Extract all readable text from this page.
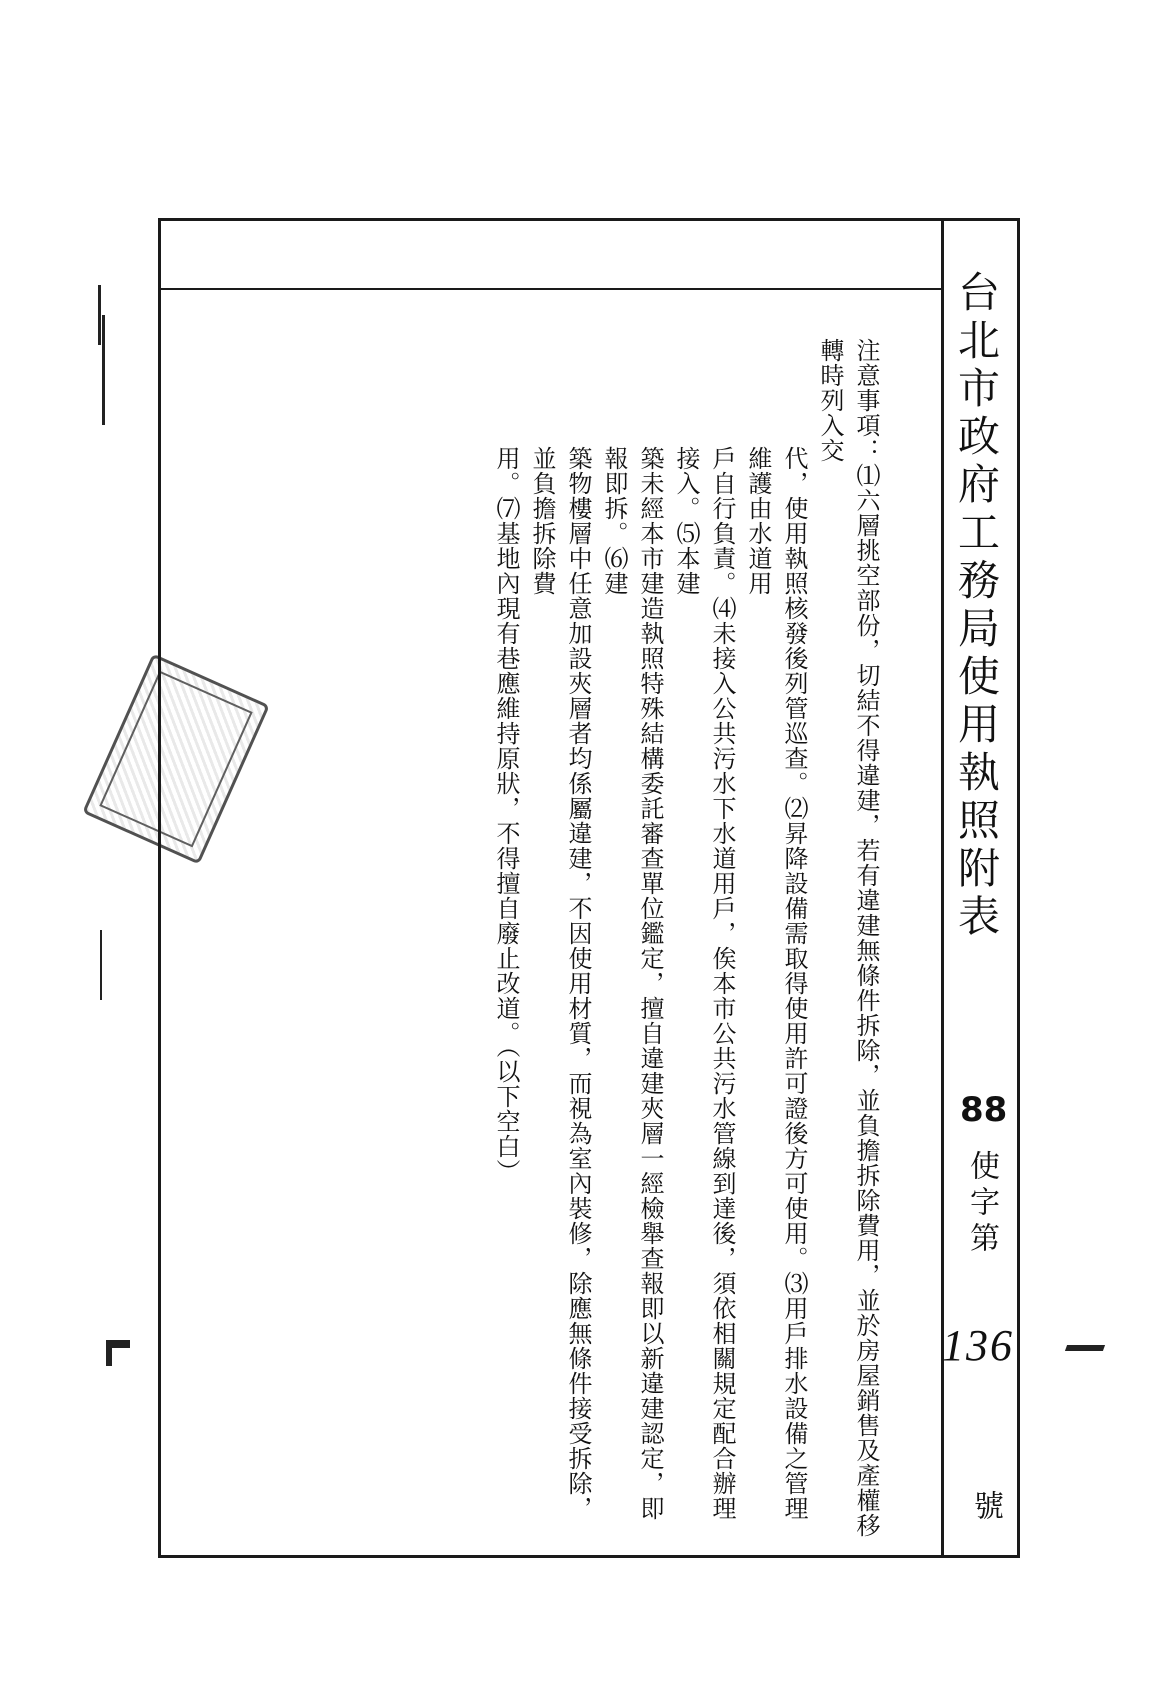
台北市政府工務局使用執照附表
88
使字第
136
號
注意事項：⑴六層挑空部份，切結不得違建，若有違建無條件拆除，並負擔拆除費用，並於房屋銷售及產權移轉時列入交
代，使用執照核發後列管巡查。⑵昇降設備需取得使用許可證後方可使用。⑶用戶排水設備之管理維護由水道用
戶自行負責。⑷未接入公共污水下水道用戶，俟本市公共污水管線到達後，須依相關規定配合辦理接入。⑸本建
築未經本市建造執照特殊結構委託審查單位鑑定，擅自違建夾層一經檢舉查報即以新違建認定，即報即拆。⑹建
築物樓層中任意加設夾層者均係屬違建，不因使用材質，而視為室內裝修，除應無條件接受拆除，並負擔拆除費
用。⑺基地內現有巷應維持原狀，不得擅自廢止改道。（以下空白）
